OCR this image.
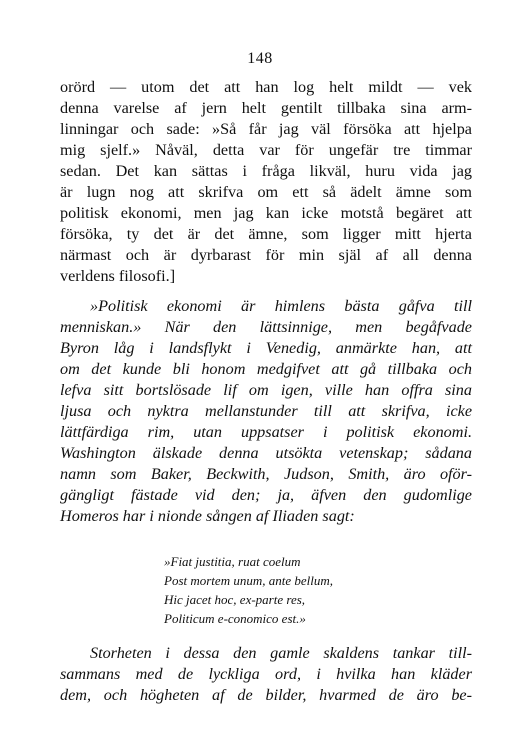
148
orörd — utom det att han log helt mildt — vek
denna varelse af jern helt gentilt tillbaka sina arm-
linningar och sade: »Så får jag väl försöka att hjelpa
mig sjelf.» Nåväl, detta var för ungefär tre timmar
sedan. Det kan sättas i fråga likväl, huru vida jag
är lugn nog att skrifva om ett så ädelt ämne som
politisk ekonomi, men jag kan icke motstå begäret att
försöka, ty det är det ämne, som ligger mitt hjerta
närmast och är dyrbarast för min själ af all denna
verldens filosofi.]
»Politisk ekonomi är himlens bästa gåfva till
menniskan.» När den lättsinnige, men begåfvade
Byron låg i landsflykt i Venedig, anmärkte han, att
om det kunde bli honom medgifvet att gå tillbaka och
lefva sitt bortslösade lif om igen, ville han offra sina
ljusa och nyktra mellanstunder till att skrifva, icke
lättfärdiga rim, utan uppsatser i politisk ekonomi.
Washington älskade denna utsökta vetenskap; sådana
namn som Baker, Beckwith, Judson, Smith, äro oför-
gängligt fästade vid den; ja, äfven den gudomlige
Homeros har i nionde sången af Iliaden sagt:
»Fiat justitia, ruat coelum
Post mortem unum, ante bellum,
Hic jacet hoc, ex-parte res,
Politicum e-conomico est.»
Storheten i dessa den gamle skaldens tankar till-
sammans med de lyckliga ord, i hvilka han kläder
dem, och högheten af de bilder, hvarmed de äro be-
